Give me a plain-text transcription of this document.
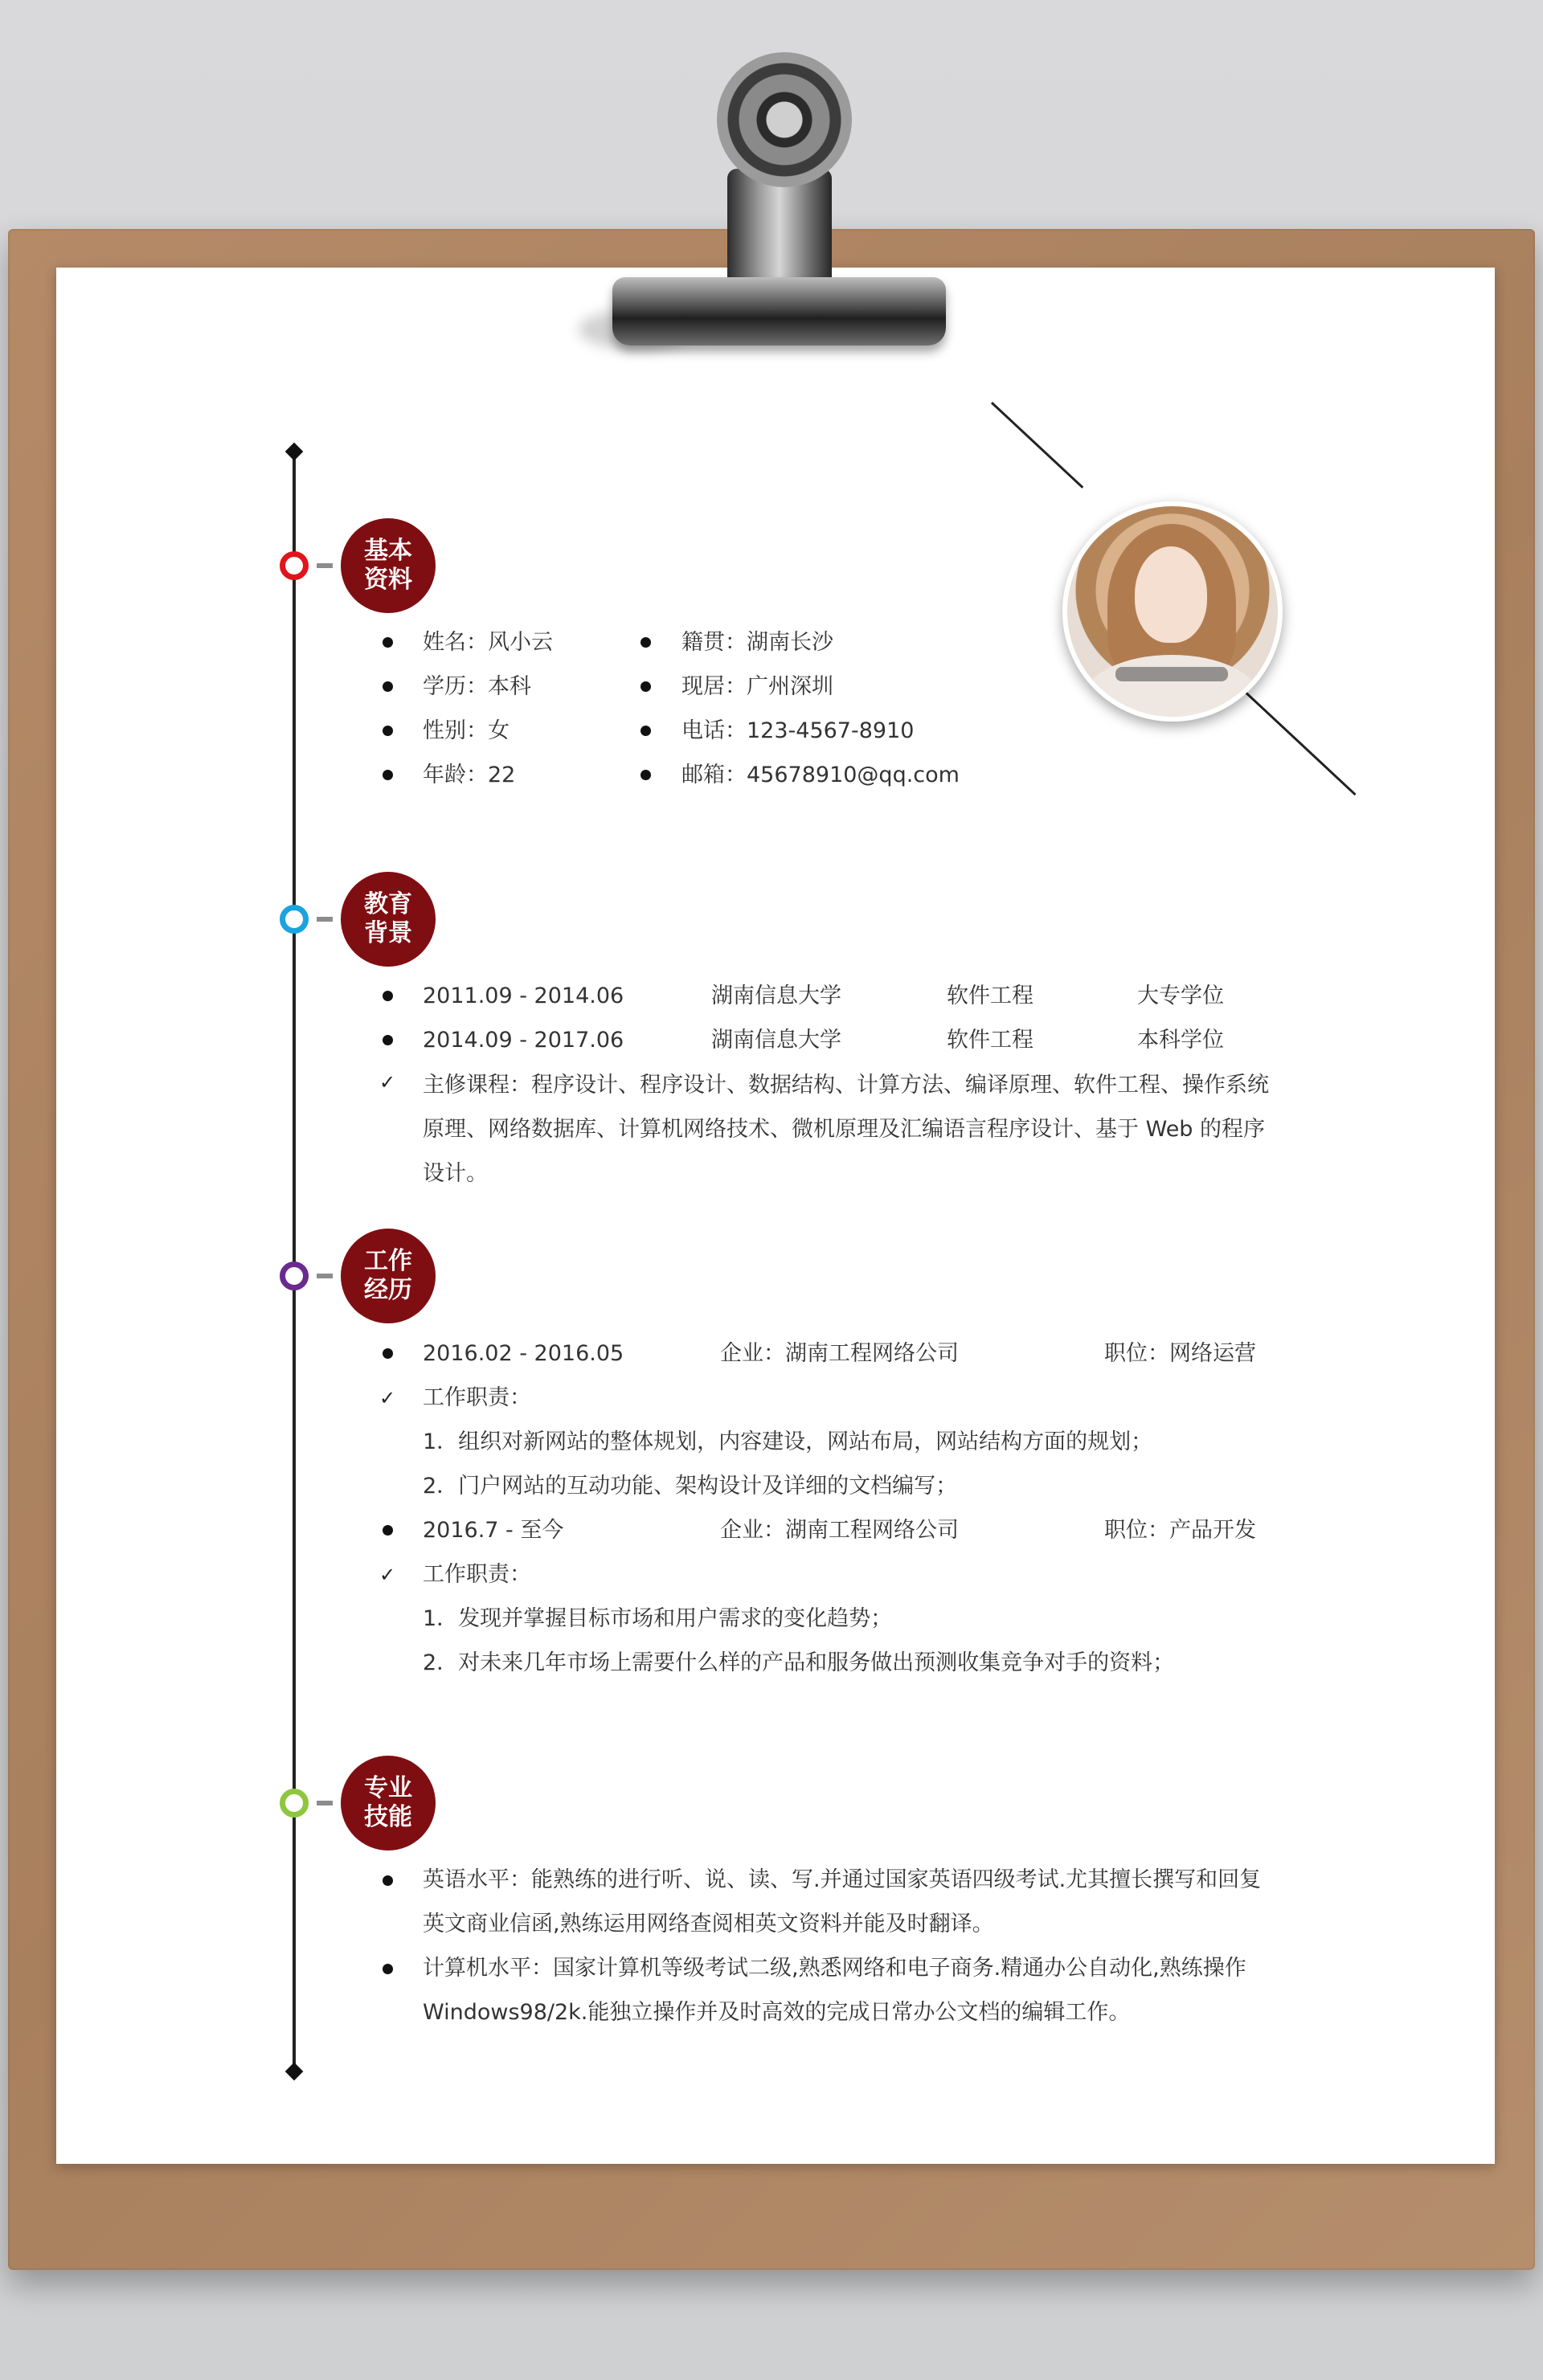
基本资料
姓名：风小云
学历：本科
性别：女
年龄：22
籍贯：湖南长沙
现居：广州深圳
电话：123-4567-8910
邮箱：45678910@qq.com
教育背景
2011.09 - 2014.06	湖南信息大学	软件工程	大专学位
2014.09 - 2017.06	湖南信息大学	软件工程	本科学位
✓ 主修课程：程序设计、程序设计、数据结构、计算方法、编译原理、软件工程、操作系统原理、网络数据库、计算机网络技术、微机原理及汇编语言程序设计、基于 Web 的程序设计。
工作经历
2016.02 - 2016.05	企业：湖南工程网络公司	职位：网络运营
✓ 工作职责：
1．组织对新网站的整体规划，内容建设，网站布局，网站结构方面的规划；
2．门户网站的互动功能、架构设计及详细的文档编写；
2016.7 - 至今	企业：湖南工程网络公司	职位：产品开发
✓ 工作职责：
1．发现并掌握目标市场和用户需求的变化趋势；
2．对未来几年市场上需要什么样的产品和服务做出预测收集竞争对手的资料；
专业技能
英语水平：能熟练的进行听、说、读、写.并通过国家英语四级考试.尤其擅长撰写和回复英文商业信函,熟练运用网络查阅相英文资料并能及时翻译。
计算机水平：国家计算机等级考试二级,熟悉网络和电子商务.精通办公自动化,熟练操作Windows98/2k.能独立操作并及时高效的完成日常办公文档的编辑工作。
